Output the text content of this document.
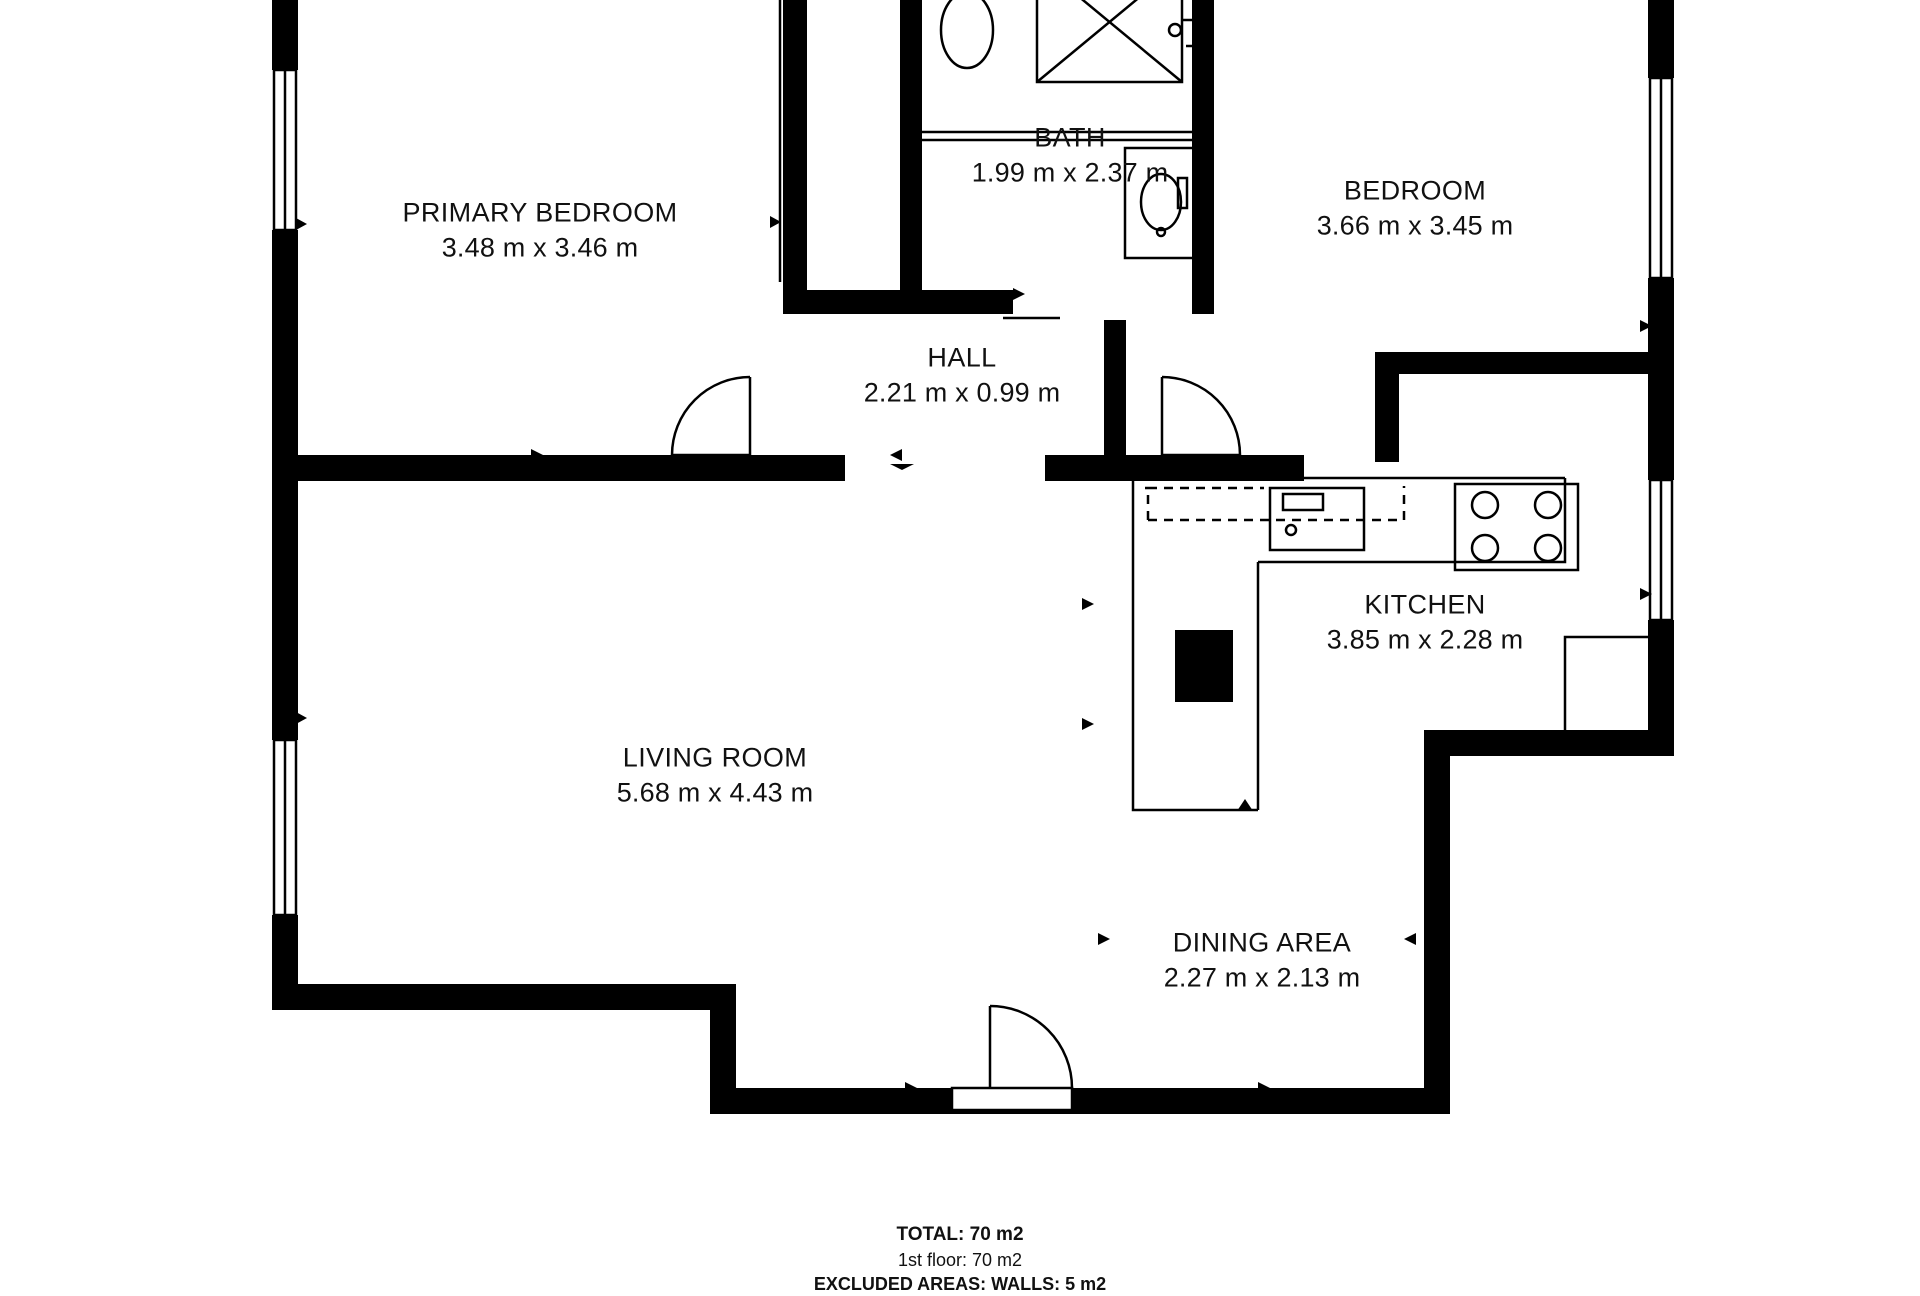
PRIMARY BEDROOM
3.48 m x 3.46 m
BATH
1.99 m x 2.37 m
BEDROOM
3.66 m x 3.45 m
HALL
2.21 m x 0.99 m
KITCHEN
3.85 m x 2.28 m
LIVING ROOM
5.68 m x 4.43 m
DINING AREA
2.27 m x 2.13 m
TOTAL: 70 m2
1st floor: 70 m2
EXCLUDED AREAS: WALLS: 5 m2
